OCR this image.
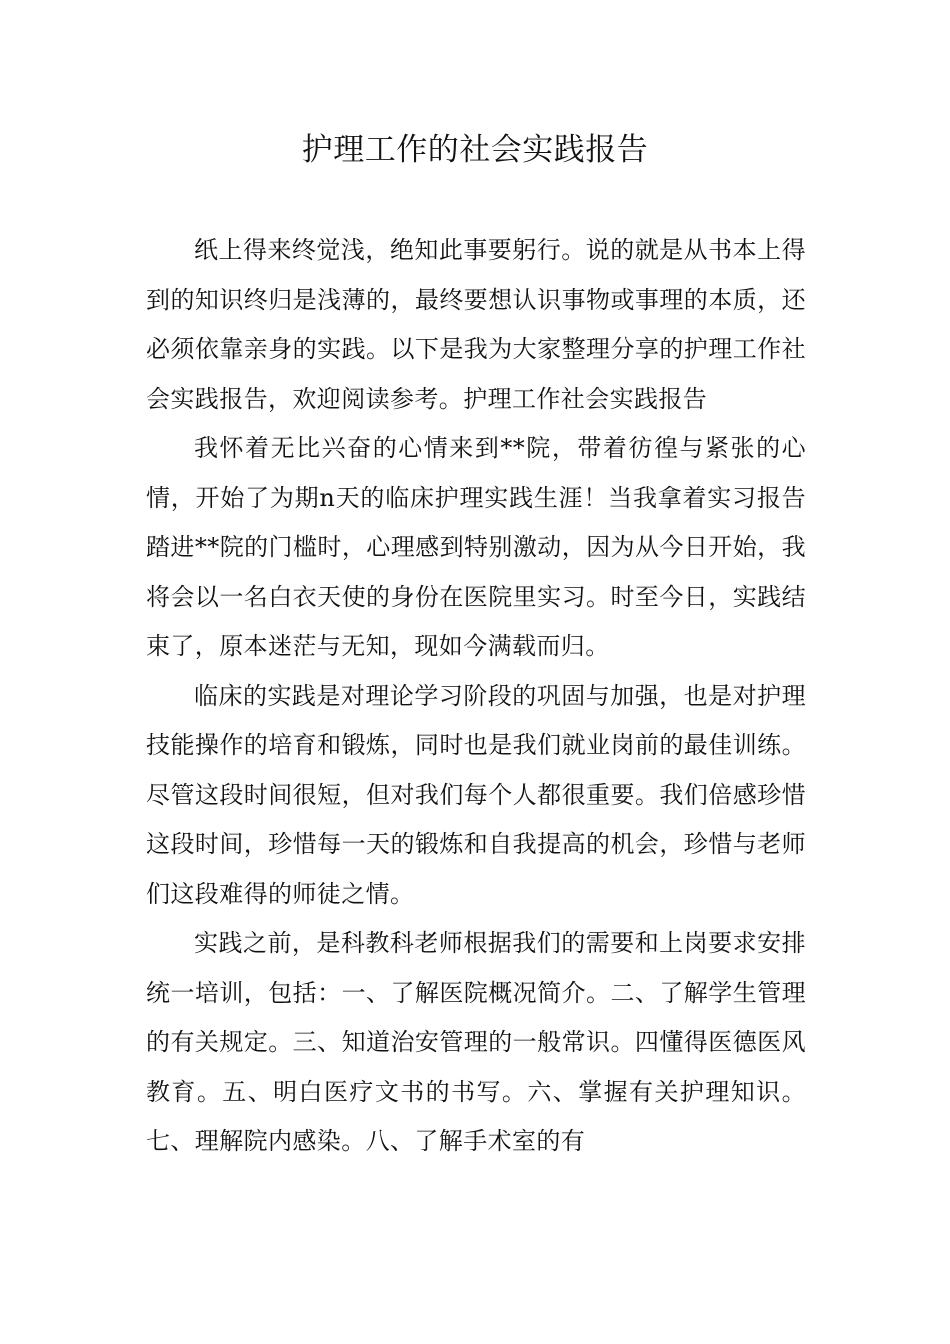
护理工作的社会实践报告

纸上得来终觉浅，绝知此事要躬行。说的就是从书本上得到的知识终归是浅薄的，最终要想认识事物或事理的本质，还必须依靠亲身的实践。以下是我为大家整理分享的护理工作社会实践报告，欢迎阅读参考。护理工作社会实践报告

我怀着无比兴奋的心情来到**院，带着彷徨与紧张的心情，开始了为期n天的临床护理实践生涯！当我拿着实习报告踏进**院的门槛时，心理感到特别激动，因为从今日开始，我将会以一名白衣天使的身份在医院里实习。时至今日，实践结束了，原本迷茫与无知，现如今满载而归。

临床的实践是对理论学习阶段的巩固与加强，也是对护理技能操作的培育和锻炼，同时也是我们就业岗前的最佳训练。尽管这段时间很短，但对我们每个人都很重要。我们倍感珍惜这段时间，珍惜每一天的锻炼和自我提高的机会，珍惜与老师们这段难得的师徒之情。

实践之前，是科教科老师根据我们的需要和上岗要求安排统一培训，包括：一、了解医院概况简介。二、了解学生管理的有关规定。三、知道治安管理的一般常识。四懂得医德医风教育。五、明白医疗文书的书写。六、掌握有关护理知识。七、理解院内感染。八、了解手术室的有
